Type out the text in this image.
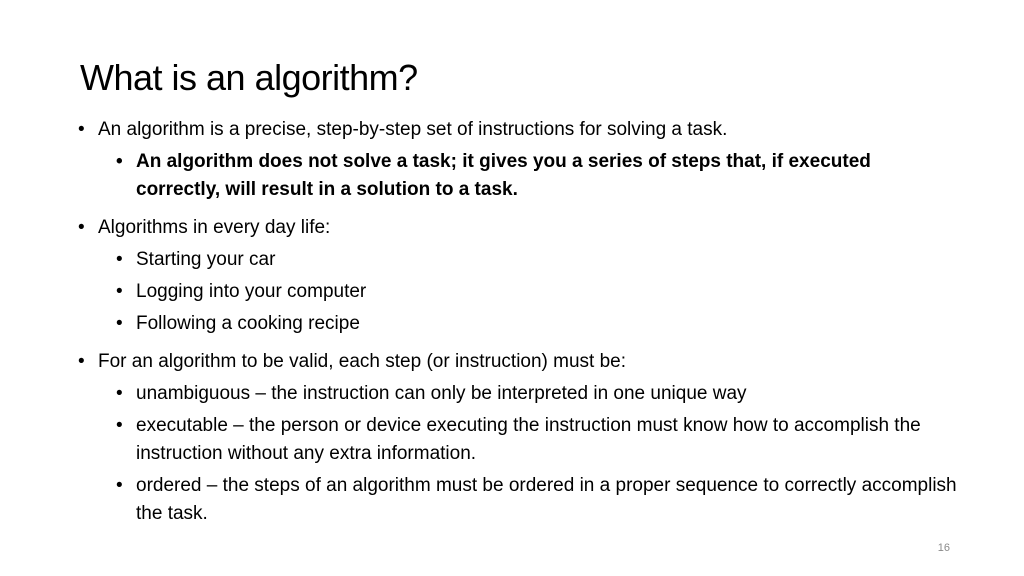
What is an algorithm?
• An algorithm is a precise, step-by-step set of instructions for solving a task.
• An algorithm does not solve a task; it gives you a series of steps that, if executed correctly, will result in a solution to a task.
• Algorithms in every day life:
• Starting your car
• Logging into your computer
• Following a cooking recipe
• For an algorithm to be valid, each step (or instruction) must be:
• unambiguous – the instruction can only be interpreted in one unique way
• executable – the person or device executing the instruction must know how to accomplish the instruction without any extra information.
• ordered – the steps of an algorithm must be ordered in a proper sequence to correctly accomplish the task.
16
